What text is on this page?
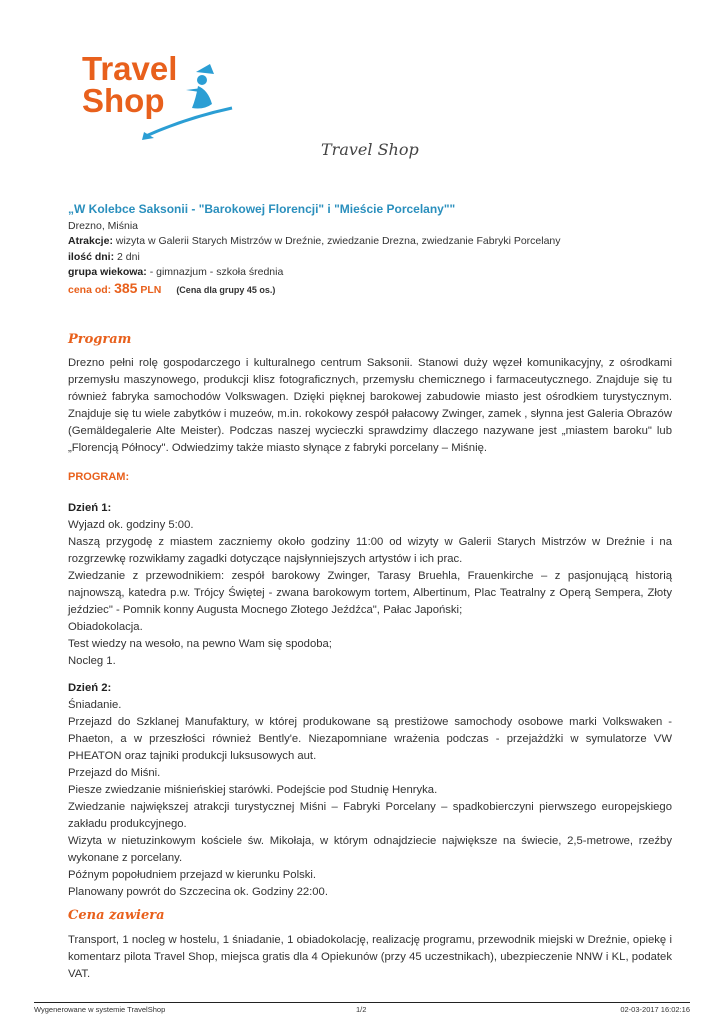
Travel
Shop
Travel Shop
„W Kolebce Saksonii - "Barokowej Florencji" i "Mieście Porcelany""
Drezno, Miśnia
Atrakcje: wizyta w Galerii Starych Mistrzów w Dreźnie, zwiedzanie Drezna, zwiedzanie Fabryki Porcelany
ilość dni: 2 dni
grupa wiekowa: - gimnazjum - szkoła średnia
cena od: 385 PLN (Cena dla grupy 45 os.)
Program
Drezno pełni rolę gospodarczego i kulturalnego centrum Saksonii. Stanowi duży węzeł komunikacyjny, z ośrodkami przemysłu maszynowego, produkcji klisz fotograficznych, przemysłu chemicznego i farmaceutycznego. Znajduje się tu również fabryka samochodów Volkswagen. Dzięki pięknej barokowej zabudowie miasto jest ośrodkiem turystycznym. Znajduje się tu wiele zabytków i muzeów, m.in. rokokowy zespół pałacowy Zwinger, zamek , słynna jest Galeria Obrazów (Gemäldegalerie Alte Meister). Podczas naszej wycieczki sprawdzimy dlaczego nazywane jest „miastem baroku" lub „Florencją Północy". Odwiedzimy także miasto słynące z fabryki porcelany – Miśnię.
PROGRAM:
Dzień 1:
Wyjazd ok. godziny 5:00.
Naszą przygodę z miastem zaczniemy około godziny 11:00 od wizyty w Galerii Starych Mistrzów w Dreźnie i na rozgrzewkę rozwikłamy zagadki dotyczące najsłynniejszych artystów i ich prac.
Zwiedzanie z przewodnikiem: zespół barokowy Zwinger, Tarasy Bruehla, Frauenkirche – z pasjonującą historią najnowszą, katedra p.w. Trójcy Świętej - zwana barokowym tortem, Albertinum, Plac Teatralny z Operą Sempera, Złoty jeździec" - Pomnik konny Augusta Mocnego Złotego Jeźdźca", Pałac Japoński;
Obiadokolacja.
Test wiedzy na wesoło, na pewno Wam się spodoba;
Nocleg 1.
Dzień 2:
Śniadanie.
Przejazd do Szklanej Manufaktury, w której produkowane są prestiżowe samochody osobowe marki Volkswaken - Phaeton, a w przeszłości również Bently'e. Niezapomniane wrażenia podczas - przejażdżki w symulatorze VW PHEATON oraz tajniki produkcji luksusowych aut.
Przejazd do Miśni.
Piesze zwiedzanie miśnieńskiej starówki. Podejście pod Studnię Henryka.
Zwiedzanie największej atrakcji turystycznej Miśni – Fabryki Porcelany – spadkobierczyni pierwszego europejskiego zakładu produkcyjnego.
Wizyta w nietuzinkowym kościele św. Mikołaja, w którym odnajdziecie największe na świecie, 2,5-metrowe, rzeźby wykonane z porcelany.
Późnym popołudniem przejazd w kierunku Polski.
Planowany powrót do Szczecina ok. Godziny 22:00.
Cena zawiera
Transport, 1 nocleg w hostelu, 1 śniadanie, 1 obiadokolację, realizację programu, przewodnik miejski w Dreźnie, opiekę i komentarz pilota Travel Shop, miejsca gratis dla 4 Opiekunów (przy 45 uczestnikach), ubezpieczenie NNW i KL, podatek VAT.
Wygenerowane w systemie TravelShop	1/2	02-03-2017 16:02:16
